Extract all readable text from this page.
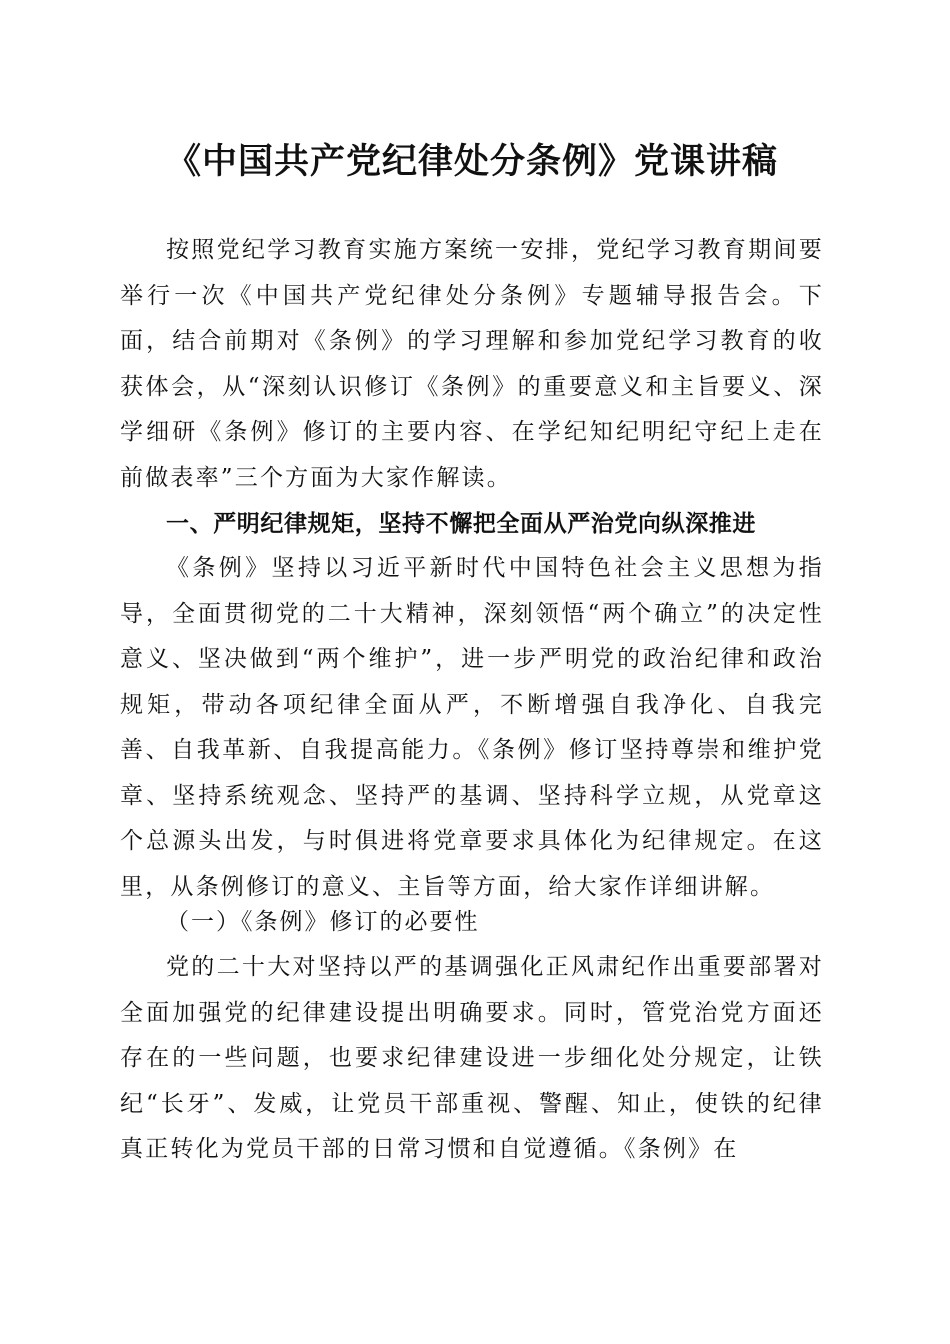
《中国共产党纪律处分条例》党课讲稿

按照党纪学习教育实施方案统一安排，党纪学习教育期间要举行一次《中国共产党纪律处分条例》专题辅导报告会。下面，结合前期对《条例》的学习理解和参加党纪学习教育的收获体会，从“深刻认识修订《条例》的重要意义和主旨要义、深学细研《条例》修订的主要内容、在学纪知纪明纪守纪上走在前做表率”三个方面为大家作解读。

一、严明纪律规矩，坚持不懈把全面从严治党向纵深推进

《条例》坚持以习近平新时代中国特色社会主义思想为指导，全面贯彻党的二十大精神，深刻领悟“两个确立”的决定性意义、坚决做到“两个维护”，进一步严明党的政治纪律和政治规矩，带动各项纪律全面从严，不断增强自我净化、自我完善、自我革新、自我提高能力。《条例》修订坚持尊崇和维护党章、坚持系统观念、坚持严的基调、坚持科学立规，从党章这个总源头出发，与时俱进将党章要求具体化为纪律规定。在这里，从条例修订的意义、主旨等方面，给大家作详细讲解。

（一）《条例》修订的必要性

党的二十大对坚持以严的基调强化正风肃纪作出重要部署对全面加强党的纪律建设提出明确要求。同时，管党治党方面还存在的一些问题，也要求纪律建设进一步细化处分规定，让铁纪“长牙”、发威，让党员干部重视、警醒、知止，使铁的纪律真正转化为党员干部的日常习惯和自觉遵循。《条例》在
